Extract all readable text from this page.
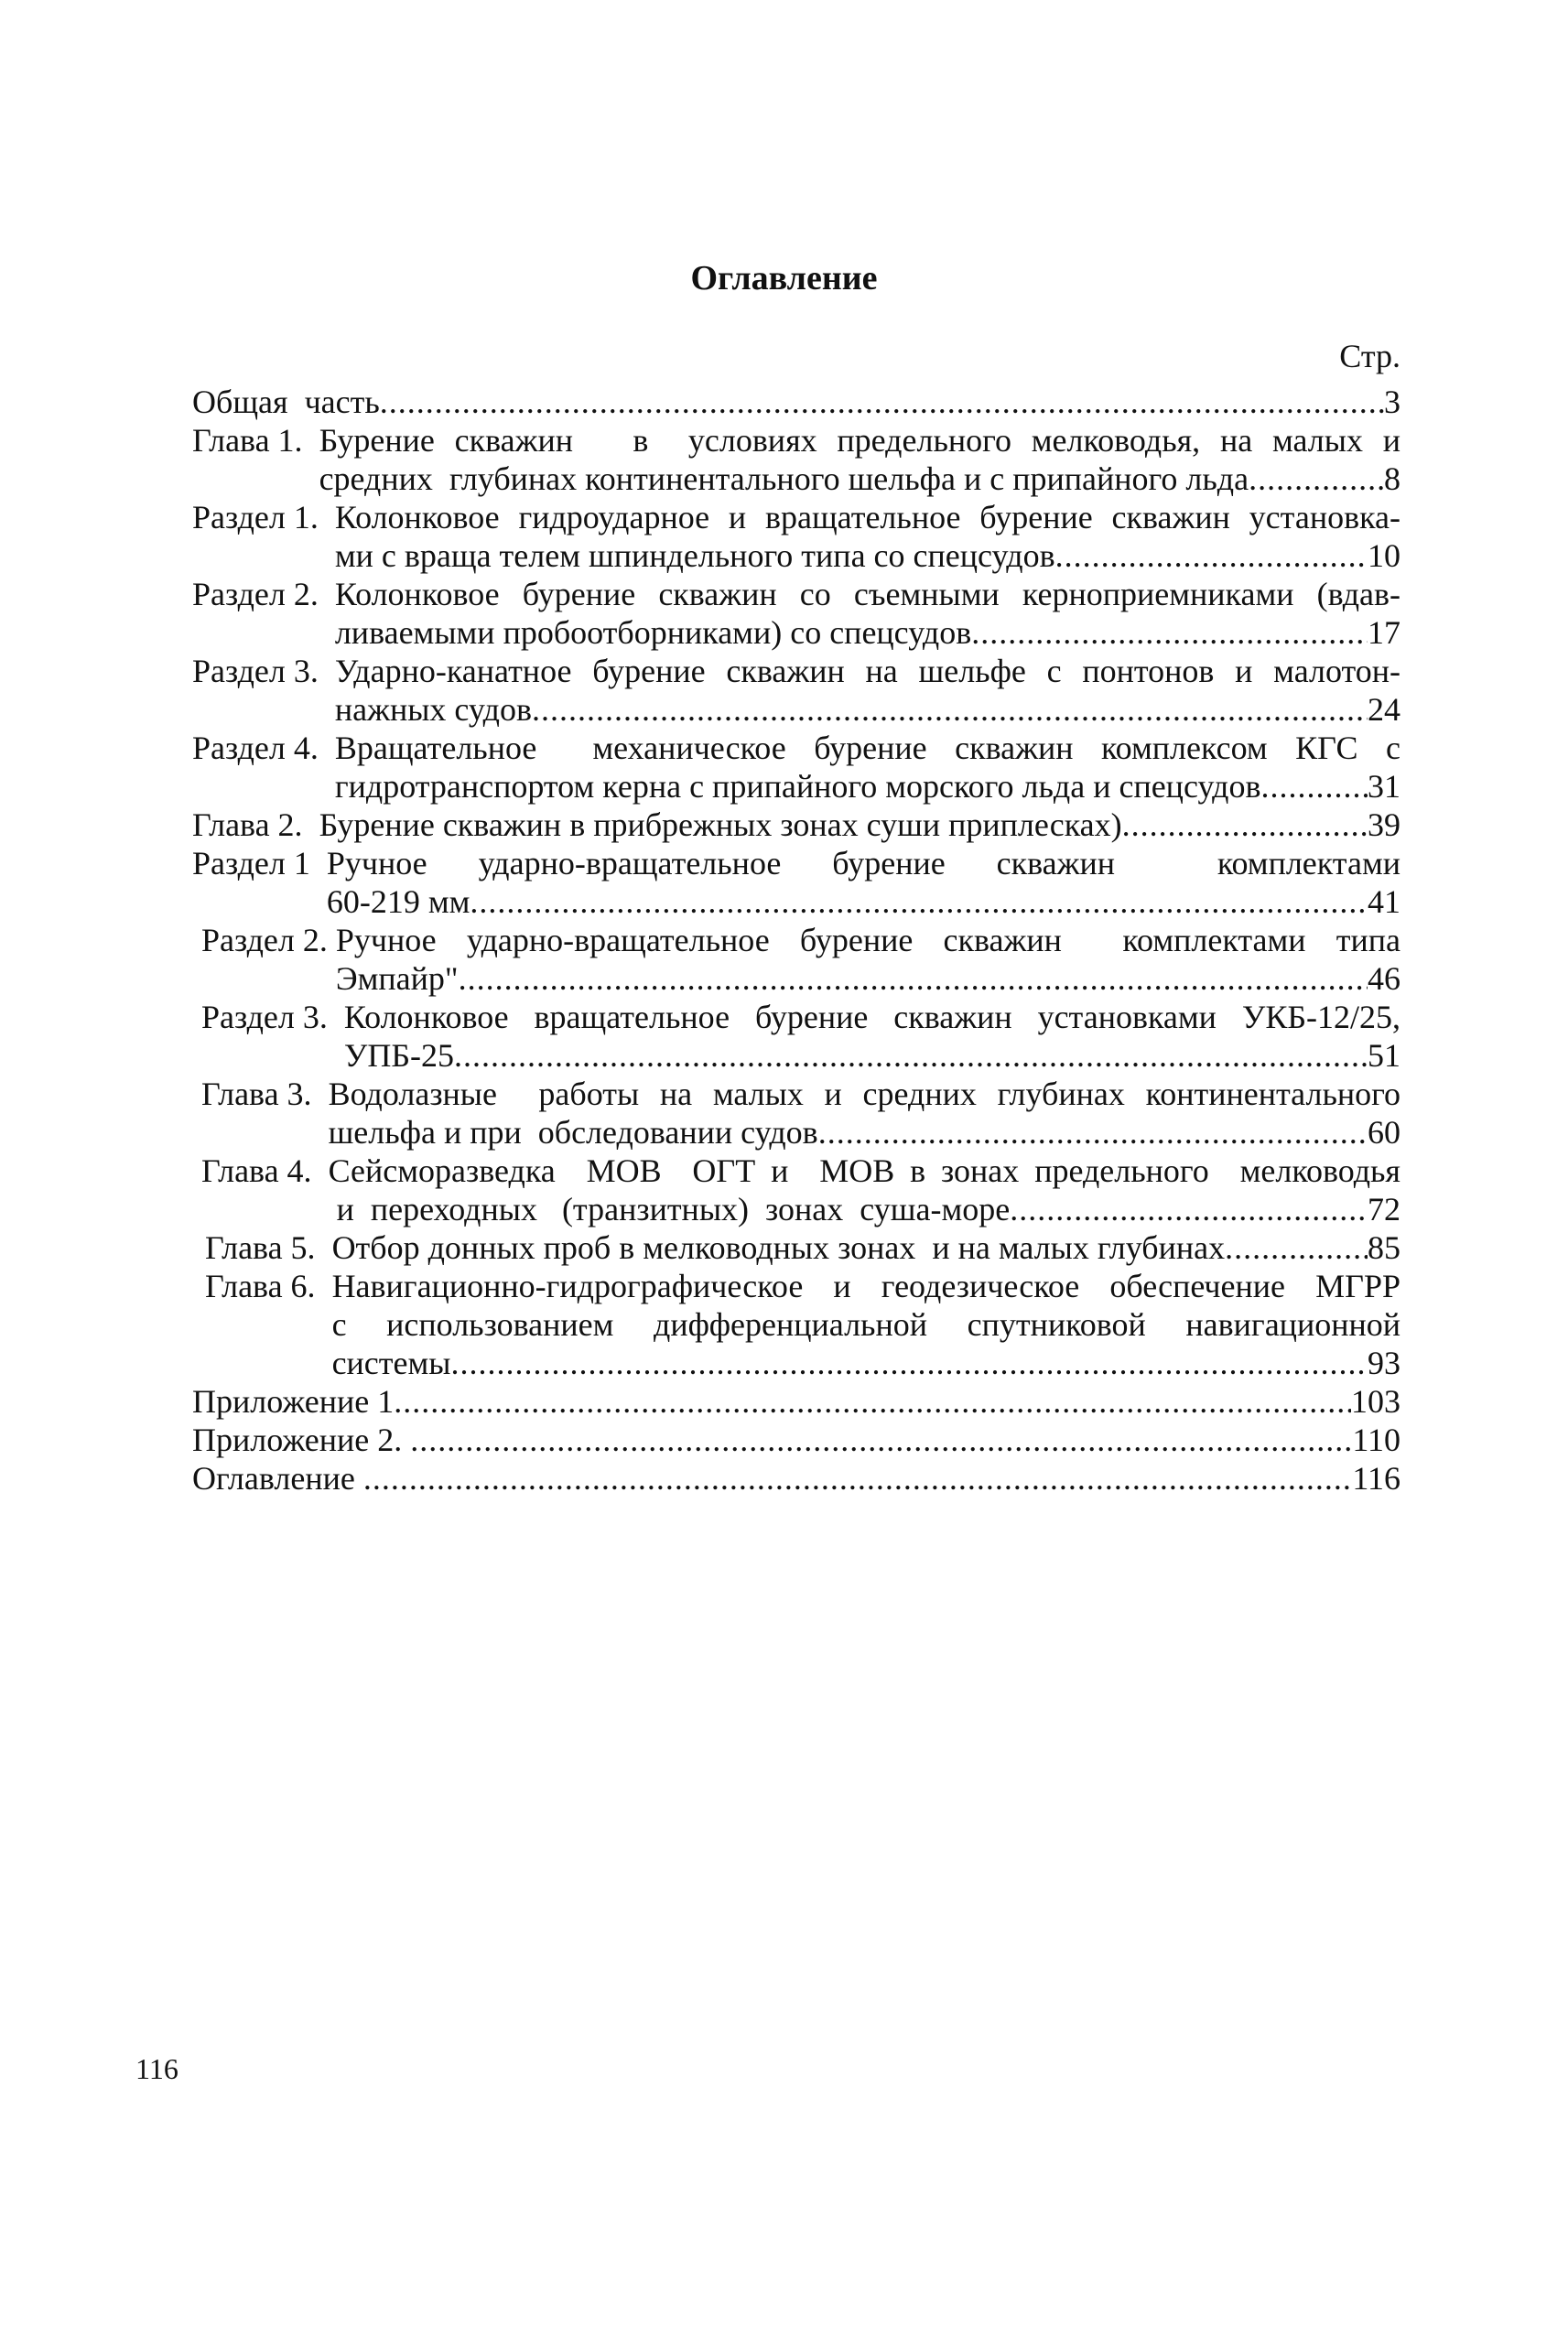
Оглавление
Стр.
Общая  часть .....	3
Глава 1. Бурение скважин   в  условиях предельного мелководья, на малых и
средних  глубинах континентального шельфа и с припайного льда .....	8
Раздел 1. Колонковое гидроударное и вращательное бурение скважин установка-
ми с враща телем шпиндельного типа со спецсудов .....	10
Раздел 2. Колонковое бурение скважин со съемными керноприемниками (вдав-
ливаемыми пробоотборниками) со спецсудов .....	17
Раздел 3. Ударно-канатное бурение скважин на шельфе с понтонов и малотон-
нажных судов .....	24
Раздел 4. Вращательное  механическое бурение скважин комплексом КГС с
гидротранспортом керна с припайного морского льда и спецсудов .....	31
Глава 2. Бурение скважин в прибрежных зонах суши приплесках) .....	39
Раздел 1 Ручное ударно-вращательное бурение скважин  комплектами
60-219 мм .....	41
Раздел 2. Ручное ударно-вращательное бурение скважин  комплектами типа
Эмпайр" .....	46
Раздел 3. Колонковое вращательное бурение скважин установками УКБ-12/25,
УПБ-25 .....	51
Глава 3. Водолазные  работы на малых и средних глубинах континентального
шельфа и при  обследовании судов .....	60
Глава 4. Сейсморазведка  МОВ  ОГТ и  МОВ в зонах предельного  мелководья
и  переходных   (транзитных)  зонах  суша-море .....	72
Глава 5. Отбор донных проб в мелководных зонах  и на малых глубинах .....	85
Глава 6. Навигационно-гидрографическое и геодезическое обеспечение МГРР
с использованием дифференциальной спутниковой навигационной
системы .....	93
Приложение 1 .....	103
Приложение 2. .....	110
Оглавление .....	116
116
